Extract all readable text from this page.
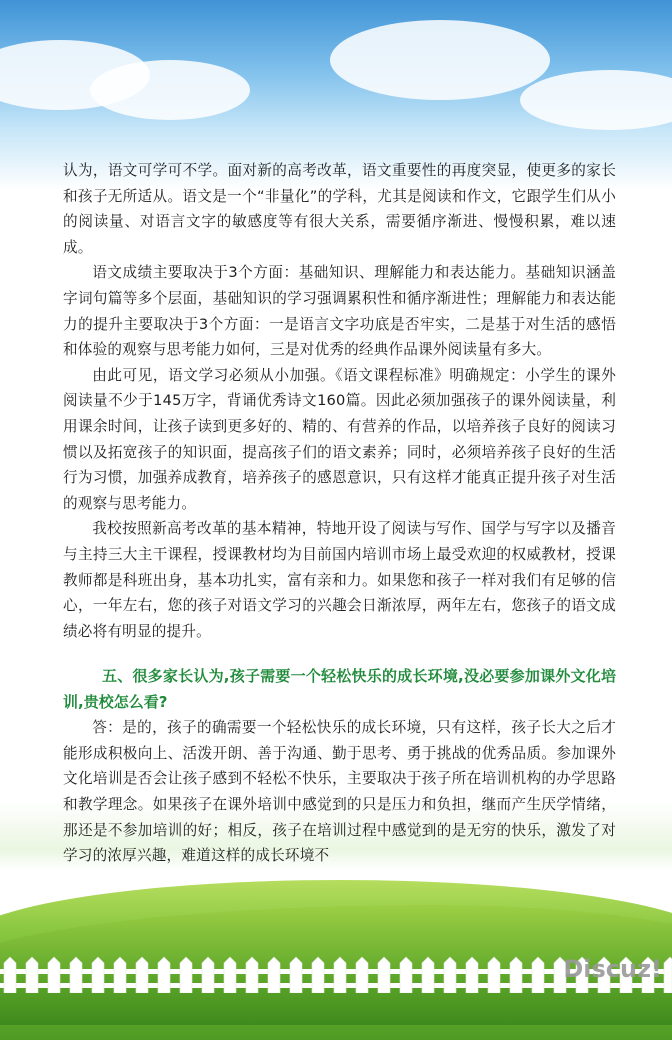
认为，语文可学可不学。面对新的高考改革，语文重要性的再度突显，使更多的家长和孩子无所适从。语文是一个“非量化”的学科，尤其是阅读和作文，它跟学生们从小的阅读量、对语言文字的敏感度等有很大关系，需要循序渐进、慢慢积累，难以速成。

语文成绩主要取决于3个方面：基础知识、理解能力和表达能力。基础知识涵盖字词句篇等多个层面，基础知识的学习强调累积性和循序渐进性；理解能力和表达能力的提升主要取决于3个方面：一是语言文字功底是否牢实，二是基于对生活的感悟和体验的观察与思考能力如何，三是对优秀的经典作品课外阅读量有多大。

由此可见，语文学习必须从小加强。《语文课程标准》明确规定：小学生的课外阅读量不少于145万字，背诵优秀诗文160篇。因此必须加强孩子的课外阅读量，利用课余时间，让孩子读到更多好的、精的、有营养的作品，以培养孩子良好的阅读习惯以及拓宽孩子的知识面，提高孩子们的语文素养；同时，必须培养孩子良好的生活行为习惯，加强养成教育，培养孩子的感恩意识，只有这样才能真正提升孩子对生活的观察与思考能力。

我校按照新高考改革的基本精神，特地开设了阅读与写作、国学与写字以及播音与主持三大主干课程，授课教材均为目前国内培训市场上最受欢迎的权威教材，授课教师都是科班出身，基本功扎实，富有亲和力。如果您和孩子一样对我们有足够的信心，一年左右，您的孩子对语文学习的兴趣会日渐浓厚，两年左右，您孩子的语文成绩必将有明显的提升。

五、很多家长认为,孩子需要一个轻松快乐的成长环境,没必要参加课外文化培训,贵校怎么看?

答：是的，孩子的确需要一个轻松快乐的成长环境，只有这样，孩子长大之后才能形成积极向上、活泼开朗、善于沟通、勤于思考、勇于挑战的优秀品质。参加课外文化培训是否会让孩子感到不轻松不快乐，主要取决于孩子所在培训机构的办学思路和教学理念。如果孩子在课外培训中感觉到的只是压力和负担，继而产生厌学情绪，那还是不参加培训的好；相反，孩子在培训过程中感觉到的是无穷的快乐，激发了对学习的浓厚兴趣，难道这样的成长环境不

Discuz!
